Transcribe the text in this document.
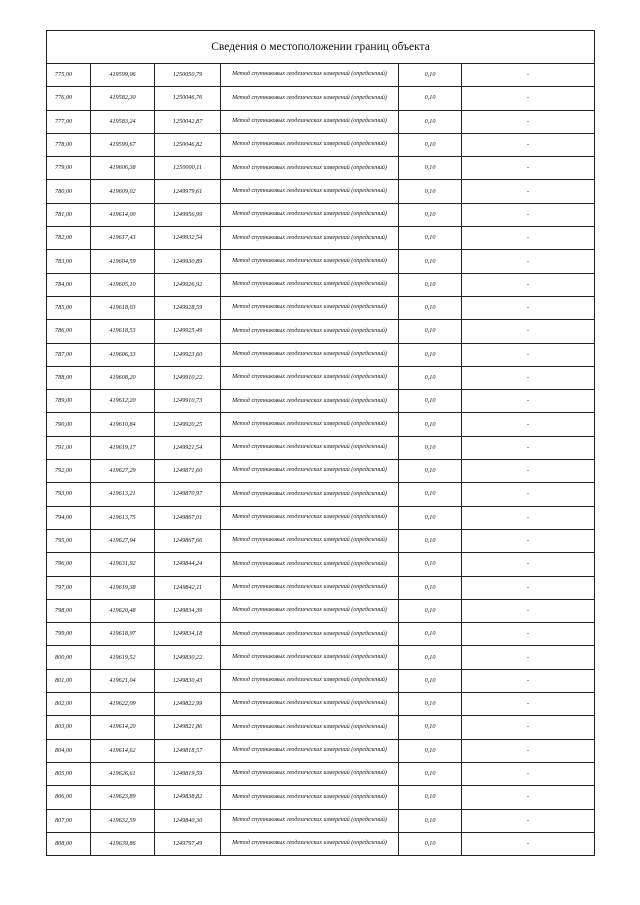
Сведения о местоположении границ объекта					
775,00	419599,06	1250050,79	Метод спутниковых геодезических измерений (определений)	0,10	-
776,00	419582,30	1250046,76	Метод спутниковых геодезических измерений (определений)	0,10	-
777,00	419583,24	1250042,87	Метод спутниковых геодезических измерений (определений)	0,10	-
778,00	419599,67	1250046,82	Метод спутниковых геодезических измерений (определений)	0,10	-
779,00	419606,38	1250000,11	Метод спутниковых геодезических измерений (определений)	0,10	-
780,00	419609,02	1249979,61	Метод спутниковых геодезических измерений (определений)	0,10	-
781,00	419614,00	1249956,99	Метод спутниковых геодезических измерений (определений)	0,10	-
782,00	419617,43	1249932,54	Метод спутниковых геодезических измерений (определений)	0,10	-
783,00	419604,59	1249930,89	Метод спутниковых геодезических измерений (определений)	0,10	-
784,00	419605,10	1249926,92	Метод спутниковых геодезических измерений (определений)	0,10	-
785,00	419618,03	1249928,59	Метод спутниковых геодезических измерений (определений)	0,10	-
786,00	419618,53	1249925,49	Метод спутниковых геодезических измерений (определений)	0,10	-
787,00	419606,33	1249923,60	Метод спутниковых геодезических измерений (определений)	0,10	-
788,00	419608,20	1249910,22	Метод спутниковых геодезических измерений (определений)	0,10	-
789,00	419612,20	1249910,73	Метод спутниковых геодезических измерений (определений)	0,10	-
790,00	419610,84	1249920,25	Метод спутниковых геодезических измерений (определений)	0,10	-
791,00	419619,17	1249921,54	Метод спутниковых геодезических измерений (определений)	0,10	-
792,00	419627,29	1249871,60	Метод спутниковых геодезических измерений (определений)	0,10	-
793,00	419613,21	1249870,97	Метод спутниковых геодезических измерений (определений)	0,10	-
794,00	419613,75	1249867,01	Метод спутниковых геодезических измерений (определений)	0,10	-
795,00	419627,94	1249867,66	Метод спутниковых геодезических измерений (определений)	0,10	-
796,00	419631,92	1249844,24	Метод спутниковых геодезических измерений (определений)	0,10	-
797,00	419619,38	1249842,11	Метод спутниковых геодезических измерений (определений)	0,10	-
798,00	419620,48	1249834,39	Метод спутниковых геодезических измерений (определений)	0,10	-
799,00	419618,97	1249834,18	Метод спутниковых геодезических измерений (определений)	0,10	-
800,00	419619,52	1249830,22	Метод спутниковых геодезических измерений (определений)	0,10	-
801,00	419621,04	1249830,43	Метод спутниковых геодезических измерений (определений)	0,10	-
802,00	419622,09	1249822,99	Метод спутниковых геодезических измерений (определений)	0,10	-
803,00	419614,20	1249821,86	Метод спутниковых геодезических измерений (определений)	0,10	-
804,00	419614,62	1249818,57	Метод спутниковых геодезических измерений (определений)	0,10	-
805,00	419626,61	1249819,59	Метод спутниковых геодезических измерений (определений)	0,10	-
806,00	419623,89	1249838,82	Метод спутниковых геодезических измерений (определений)	0,10	-
807,00	419632,59	1249840,30	Метод спутниковых геодезических измерений (определений)	0,10	-
808,00	419639,86	1249797,49	Метод спутниковых геодезических измерений (определений)	0,10	-
